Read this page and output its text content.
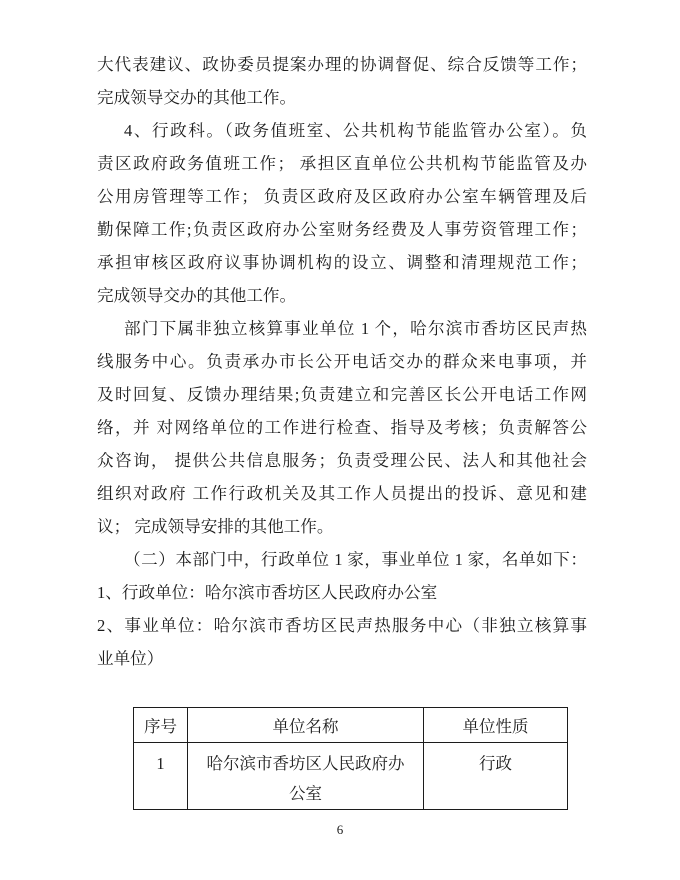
大代表建议、政协委员提案办理的协调督促、综合反馈等工作；
完成领导交办的其他工作。
4、行政科。（政务值班室、公共机构节能监管办公室）。负
责区政府政务值班工作； 承担区直单位公共机构节能监管及办
公用房管理等工作； 负责区政府及区政府办公室车辆管理及后
勤保障工作;负责区政府办公室财务经费及人事劳资管理工作；
承担审核区政府议事协调机构的设立、调整和清理规范工作；
完成领导交办的其他工作。
部门下属非独立核算事业单位 1 个，哈尔滨市香坊区民声热
线服务中心。负责承办市长公开电话交办的群众来电事项，并
及时回复、反馈办理结果;负责建立和完善区长公开电话工作网
络，并 对网络单位的工作进行检查、指导及考核；负责解答公
众咨询， 提供公共信息服务；负责受理公民、法人和其他社会
组织对政府 工作行政机关及其工作人员提出的投诉、意见和建
议； 完成领导安排的其他工作。
（二）本部门中，行政单位 1 家，事业单位 1 家，名单如下：
1、行政单位：哈尔滨市香坊区人民政府办公室
2、事业单位：哈尔滨市香坊区民声热服务中心（非独立核算事
业单位）
序号	单位名称	单位性质
1	哈尔滨市香坊区人民政府办公室	行政
6
